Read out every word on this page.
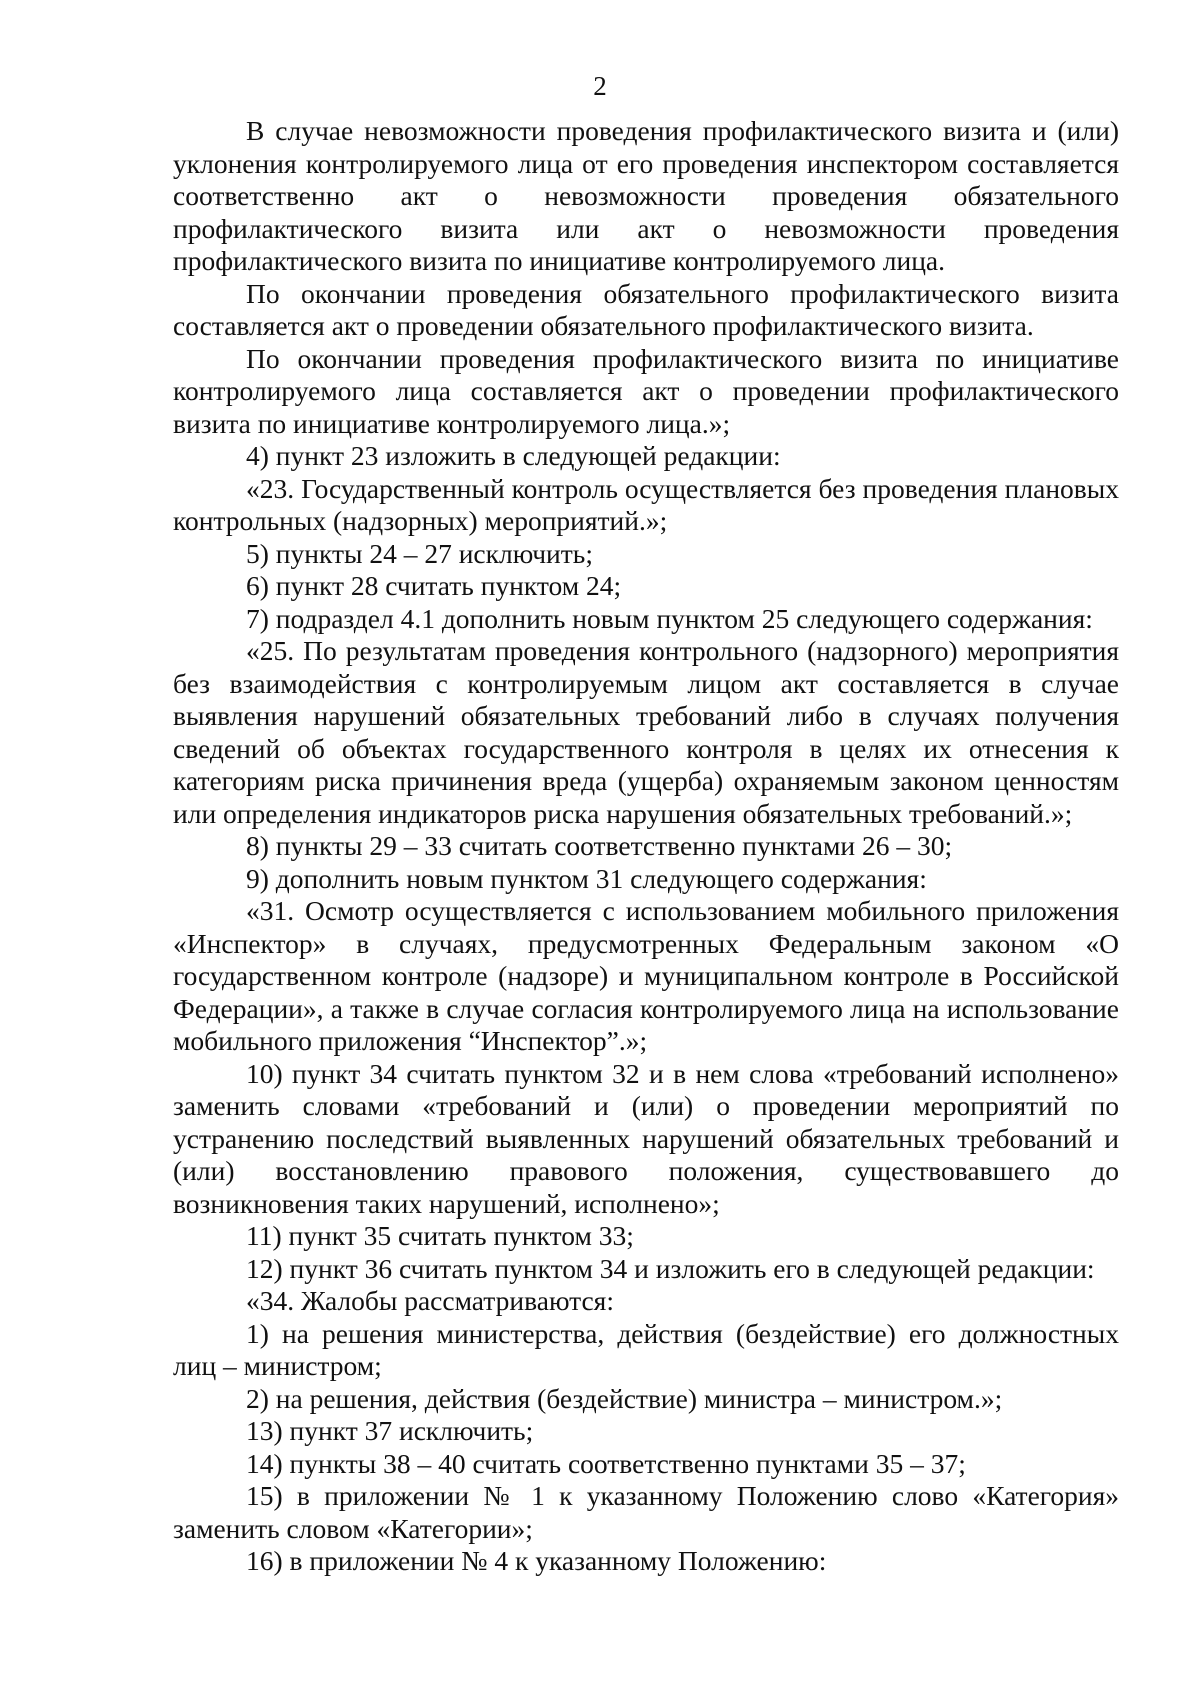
2

В случае невозможности проведения профилактического визита и (или) уклонения контролируемого лица от его проведения инспектором составляется соответственно акт о невозможности проведения обязательного профилактического визита или акт о невозможности проведения профилактического визита по инициативе контролируемого лица.

По окончании проведения обязательного профилактического визита составляется акт о проведении обязательного профилактического визита.

По окончании проведения профилактического визита по инициативе контролируемого лица составляется акт о проведении профилактического визита по инициативе контролируемого лица.»;

4) пункт 23 изложить в следующей редакции:

«23. Государственный контроль осуществляется без проведения плановых контрольных (надзорных) мероприятий.»;

5) пункты 24 – 27 исключить;

6) пункт 28 считать пунктом 24;

7) подраздел 4.1 дополнить новым пунктом 25 следующего содержания:

«25. По результатам проведения контрольного (надзорного) мероприятия без взаимодействия с контролируемым лицом акт составляется в случае выявления нарушений обязательных требований либо в случаях получения сведений об объектах государственного контроля в целях их отнесения к категориям риска причинения вреда (ущерба) охраняемым законом ценностям или определения индикаторов риска нарушения обязательных требований.»;

8) пункты 29 – 33 считать соответственно пунктами 26 – 30;

9) дополнить новым пунктом 31 следующего содержания:

«31. Осмотр осуществляется с использованием мобильного приложения «Инспектор» в случаях, предусмотренных Федеральным законом «О государственном контроле (надзоре) и муниципальном контроле в Российской Федерации», а также в случае согласия контролируемого лица на использование мобильного приложения “Инспектор”.»;

10) пункт 34 считать пунктом 32 и в нем слова «требований исполнено» заменить словами «требований и (или) о проведении мероприятий по устранению последствий выявленных нарушений обязательных требований и (или) восстановлению правового положения, существовавшего до возникновения таких нарушений, исполнено»;

11) пункт 35 считать пунктом 33;

12) пункт 36 считать пунктом 34 и изложить его в следующей редакции:

«34. Жалобы рассматриваются:

1) на решения министерства, действия (бездействие) его должностных лиц – министром;

2) на решения, действия (бездействие) министра – министром.»;

13) пункт 37 исключить;

14) пункты 38 – 40 считать соответственно пунктами 35 – 37;

15) в приложении № 1 к указанному Положению слово «Категория» заменить словом «Категории»;

16) в приложении № 4 к указанному Положению:
